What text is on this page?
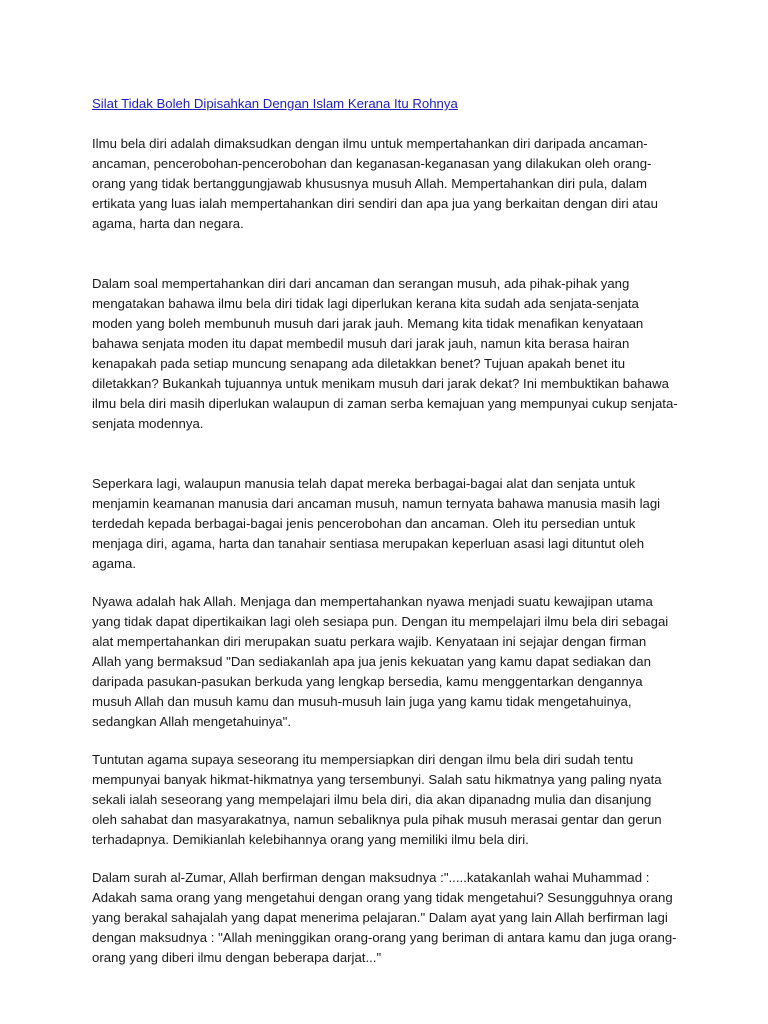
Silat Tidak Boleh Dipisahkan Dengan Islam Kerana Itu Rohnya

Ilmu bela diri adalah dimaksudkan dengan ilmu untuk mempertahankan diri daripada ancaman-ancaman, pencerobohan-pencerobohan dan keganasan-keganasan yang dilakukan oleh orang-orang yang tidak bertanggungjawab khususnya musuh Allah. Mempertahankan diri pula, dalam ertikata yang luas ialah mempertahankan diri sendiri dan apa jua yang berkaitan dengan diri atau agama, harta dan negara.

Dalam soal mempertahankan diri dari ancaman dan serangan musuh, ada pihak-pihak yang mengatakan bahawa ilmu bela diri tidak lagi diperlukan kerana kita sudah ada senjata-senjata moden yang boleh membunuh musuh dari jarak jauh. Memang kita tidak menafikan kenyataan bahawa senjata moden itu dapat membedil musuh dari jarak jauh, namun kita berasa hairan kenapakah pada setiap muncung senapang ada diletakkan benet? Tujuan apakah benet itu diletakkan? Bukankah tujuannya untuk menikam musuh dari jarak dekat? Ini membuktikan bahawa ilmu bela diri masih diperlukan walaupun di zaman serba kemajuan yang mempunyai cukup senjata-senjata modennya.

Seperkara lagi, walaupun manusia telah dapat mereka berbagai-bagai alat dan senjata untuk menjamin keamanan manusia dari ancaman musuh, namun ternyata bahawa manusia masih lagi terdedah kepada berbagai-bagai jenis pencerobohan dan ancaman. Oleh itu persedian untuk menjaga diri, agama, harta dan tanahair sentiasa merupakan keperluan asasi lagi dituntut oleh agama.

Nyawa adalah hak Allah. Menjaga dan mempertahankan nyawa menjadi suatu kewajipan utama yang tidak dapat dipertikaikan lagi oleh sesiapa pun. Dengan itu mempelajari ilmu bela diri sebagai alat mempertahankan diri merupakan suatu perkara wajib. Kenyataan ini sejajar dengan firman Allah yang bermaksud "Dan sediakanlah apa jua jenis kekuatan yang kamu dapat sediakan dan daripada pasukan-pasukan berkuda yang lengkap bersedia, kamu menggentarkan dengannya musuh Allah dan musuh kamu dan musuh-musuh lain juga yang kamu tidak mengetahuinya, sedangkan Allah mengetahuinya".

Tuntutan agama supaya seseorang itu mempersiapkan diri dengan ilmu bela diri sudah tentu mempunyai banyak hikmat-hikmatnya yang tersembunyi. Salah satu hikmatnya yang paling nyata sekali ialah seseorang yang mempelajari ilmu bela diri, dia akan dipanadng mulia dan disanjung oleh sahabat dan masyarakatnya, namun sebaliknya pula pihak musuh merasai gentar dan gerun terhadapnya. Demikianlah kelebihannya orang yang memiliki ilmu bela diri.

Dalam surah al-Zumar, Allah berfirman dengan maksudnya :".....katakanlah wahai Muhammad : Adakah sama orang yang mengetahui dengan orang yang tidak mengetahui? Sesungguhnya orang yang berakal sahajalah yang dapat menerima pelajaran." Dalam ayat yang lain Allah berfirman lagi dengan maksudnya : "Allah meninggikan orang-orang yang beriman di antara kamu dan juga orang-orang yang diberi ilmu dengan beberapa darjat..."
